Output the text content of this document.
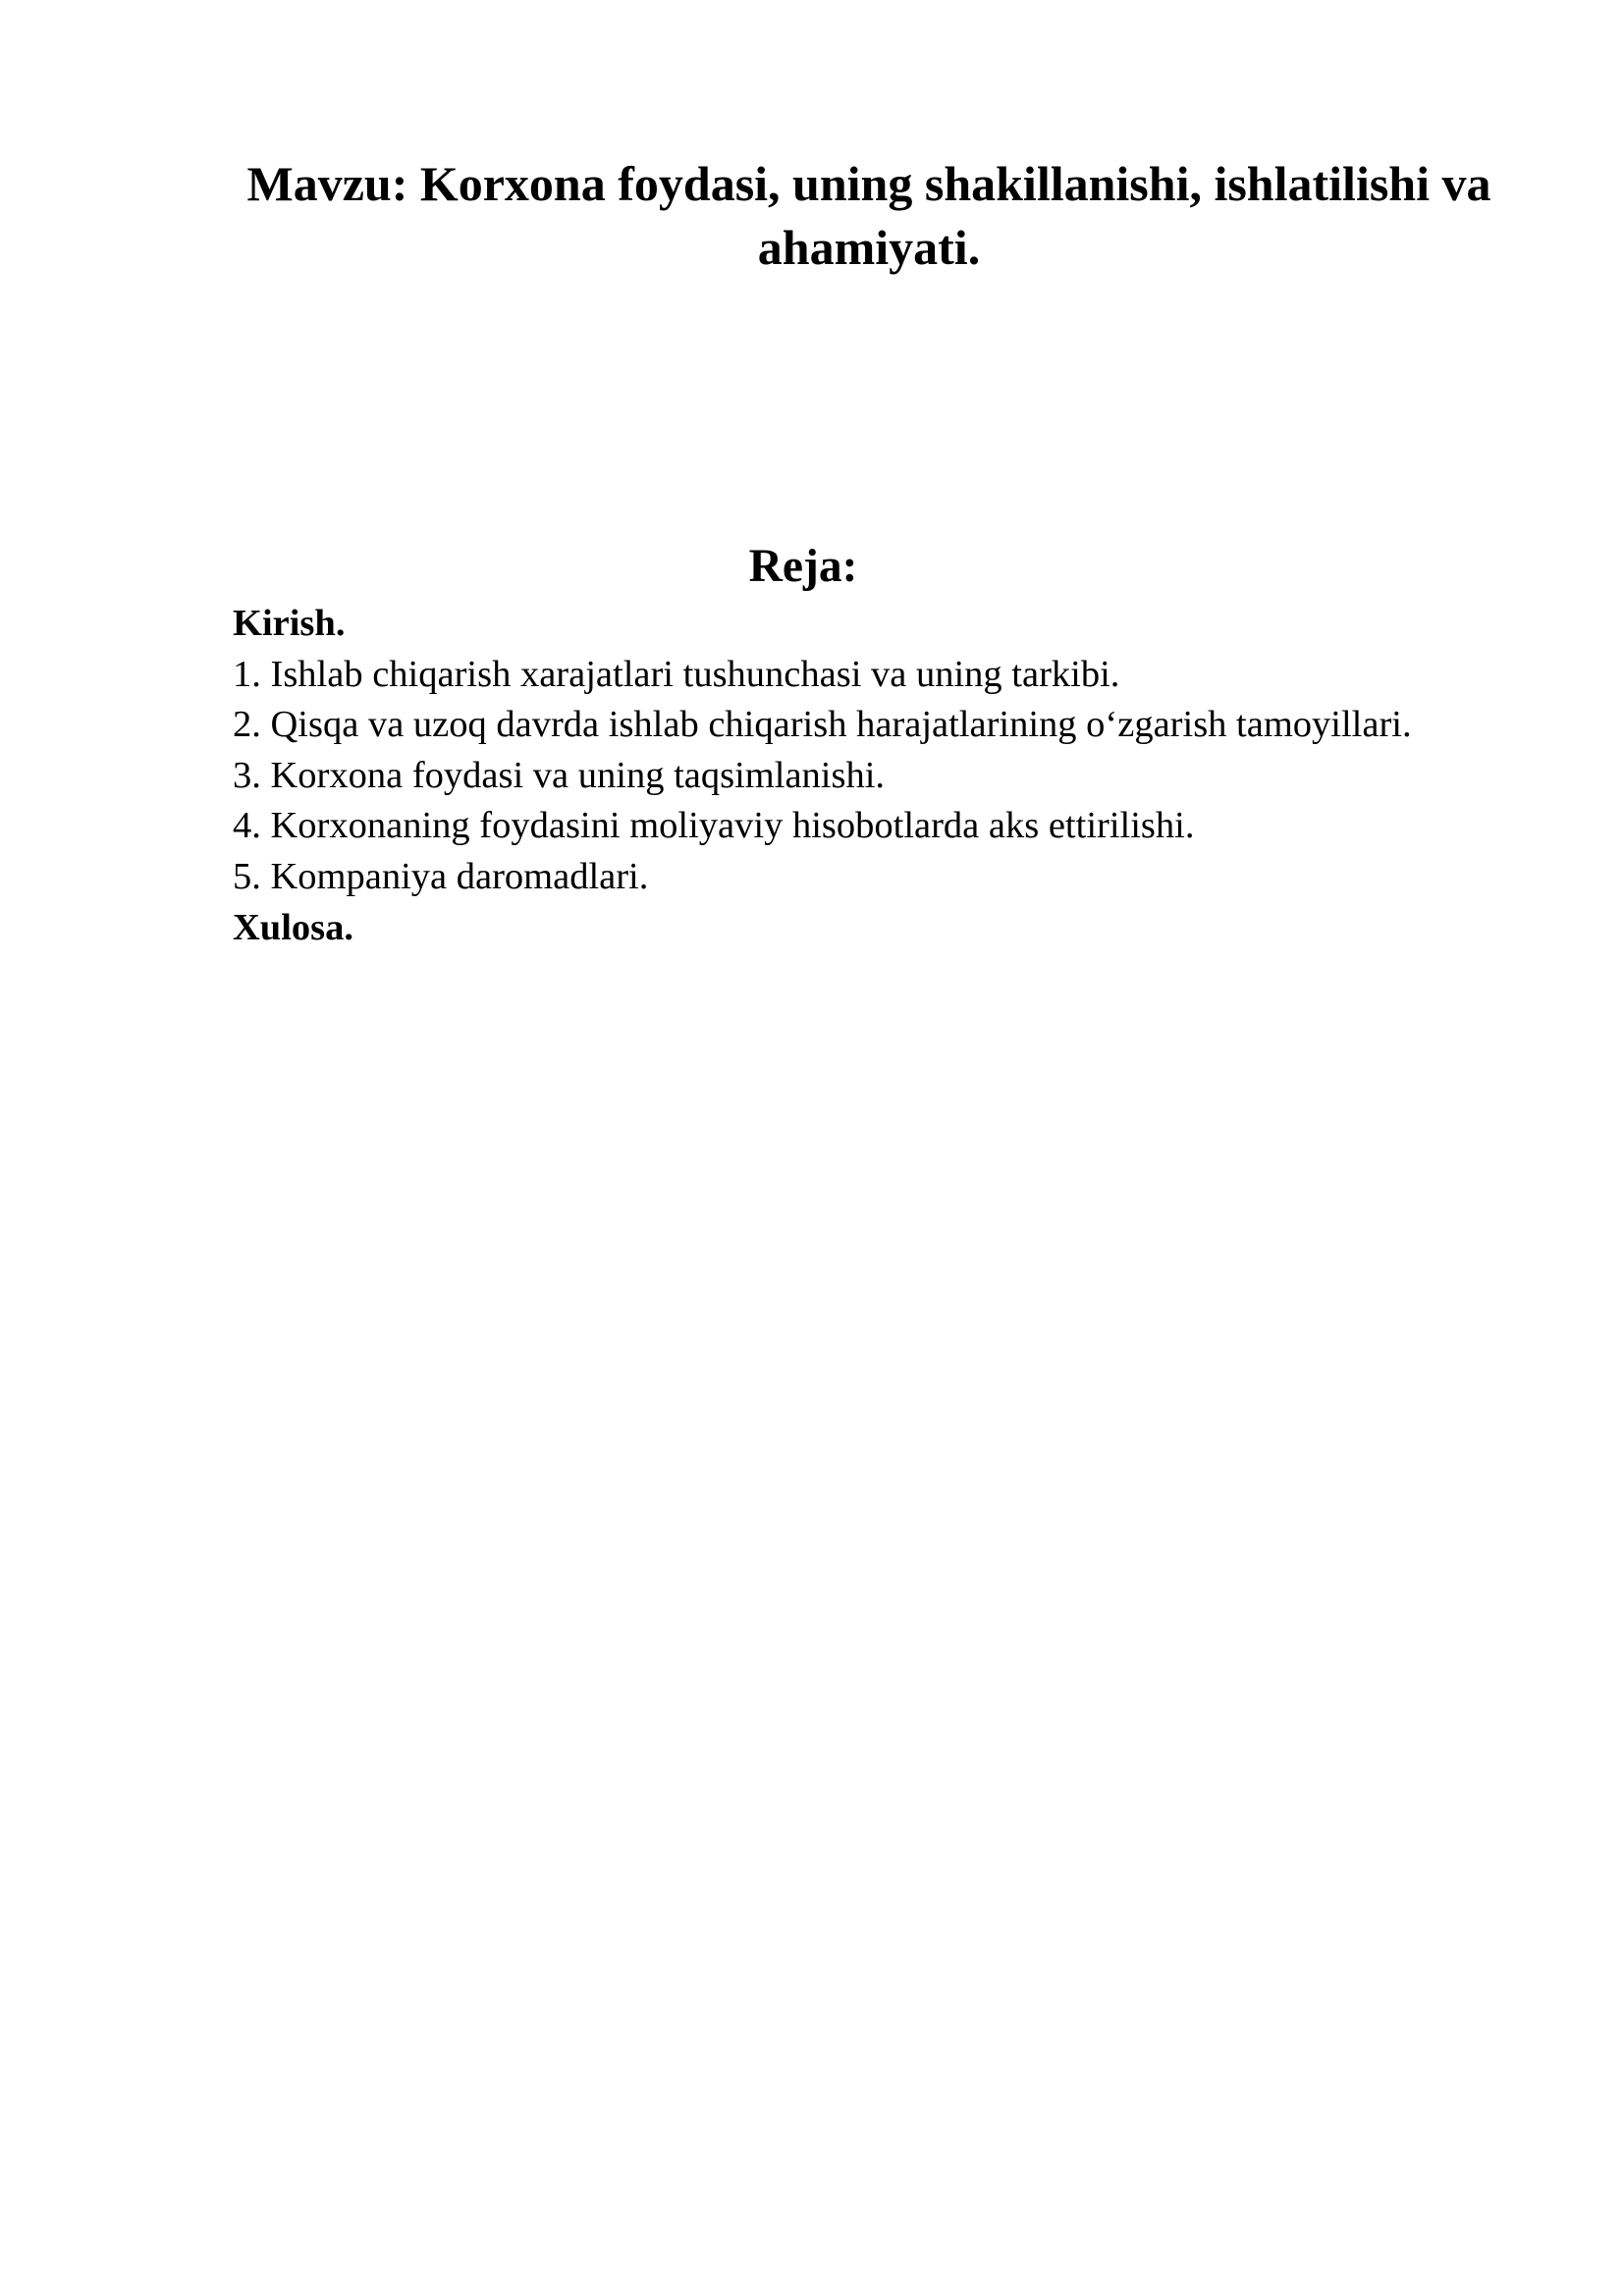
Mavzu: Korxona foydasi, uning shakillanishi, ishlatilishi va
ahamiyati.
Reja:
Kirish.
1. Ishlab chiqarish xarajatlari tushunchasi va uning tarkibi.
2. Qisqa va uzoq davrda ishlab chiqarish harajatlarining o‘zgarish tamoyillari.
3. Korxona foydasi va uning taqsimlanishi.
4. Korxonaning foydasini moliyaviy hisobotlarda aks ettirilishi.
5. Kompaniya daromadlari.
Xulosa.
